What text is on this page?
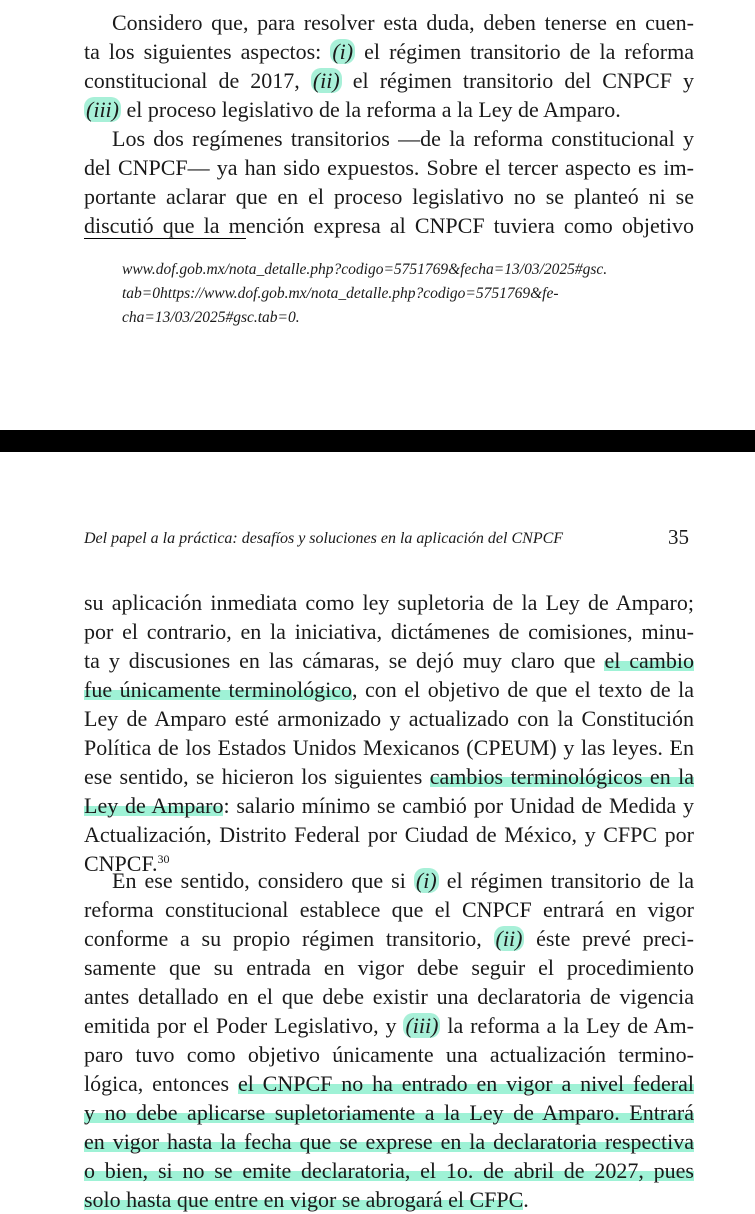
Considero que, para resolver esta duda, deben tenerse en cuen-
ta los siguientes aspectos: (i) el régimen transitorio de la reforma
constitucional de 2017, (ii) el régimen transitorio del CNPCF y
(iii) el proceso legislativo de la reforma a la Ley de Amparo.

Los dos regímenes transitorios —de la reforma constitucional y
del CNPCF— ya han sido expuestos. Sobre el tercer aspecto es im-
portante aclarar que en el proceso legislativo no se planteó ni se
discutió que la mención expresa al CNPCF tuviera como objetivo

www.dof.gob.mx/nota_detalle.php?codigo=5751769&fecha=13/03/2025#gsc.
tab=0https://www.dof.gob.mx/nota_detalle.php?codigo=5751769&fe-
cha=13/03/2025#gsc.tab=0.
Del papel a la práctica: desafíos y soluciones en la aplicación del CNPCF	35

su aplicación inmediata como ley supletoria de la Ley de Amparo;
por el contrario, en la iniciativa, dictámenes de comisiones, minu-
ta y discusiones en las cámaras, se dejó muy claro que el cambio
fue únicamente terminológico, con el objetivo de que el texto de la
Ley de Amparo esté armonizado y actualizado con la Constitución
Política de los Estados Unidos Mexicanos (CPEUM) y las leyes. En
ese sentido, se hicieron los siguientes cambios terminológicos en la
Ley de Amparo: salario mínimo se cambió por Unidad de Medida y
Actualización, Distrito Federal por Ciudad de México, y CFPC por
CNPCF.$^{30}$

En ese sentido, considero que si (i) el régimen transitorio de la
reforma constitucional establece que el CNPCF entrará en vigor
conforme a su propio régimen transitorio, (ii) éste prevé preci-
samente que su entrada en vigor debe seguir el procedimiento
antes detallado en el que debe existir una declaratoria de vigencia
emitida por el Poder Legislativo, y (iii) la reforma a la Ley de Am-
paro tuvo como objetivo únicamente una actualización termino-
lógica, entonces el CNPCF no ha entrado en vigor a nivel federal
y no debe aplicarse supletoriamente a la Ley de Amparo. Entrará
en vigor hasta la fecha que se exprese en la declaratoria respectiva
o bien, si no se emite declaratoria, el 1o. de abril de 2027, pues
solo hasta que entre en vigor se abrogará el CFPC.
